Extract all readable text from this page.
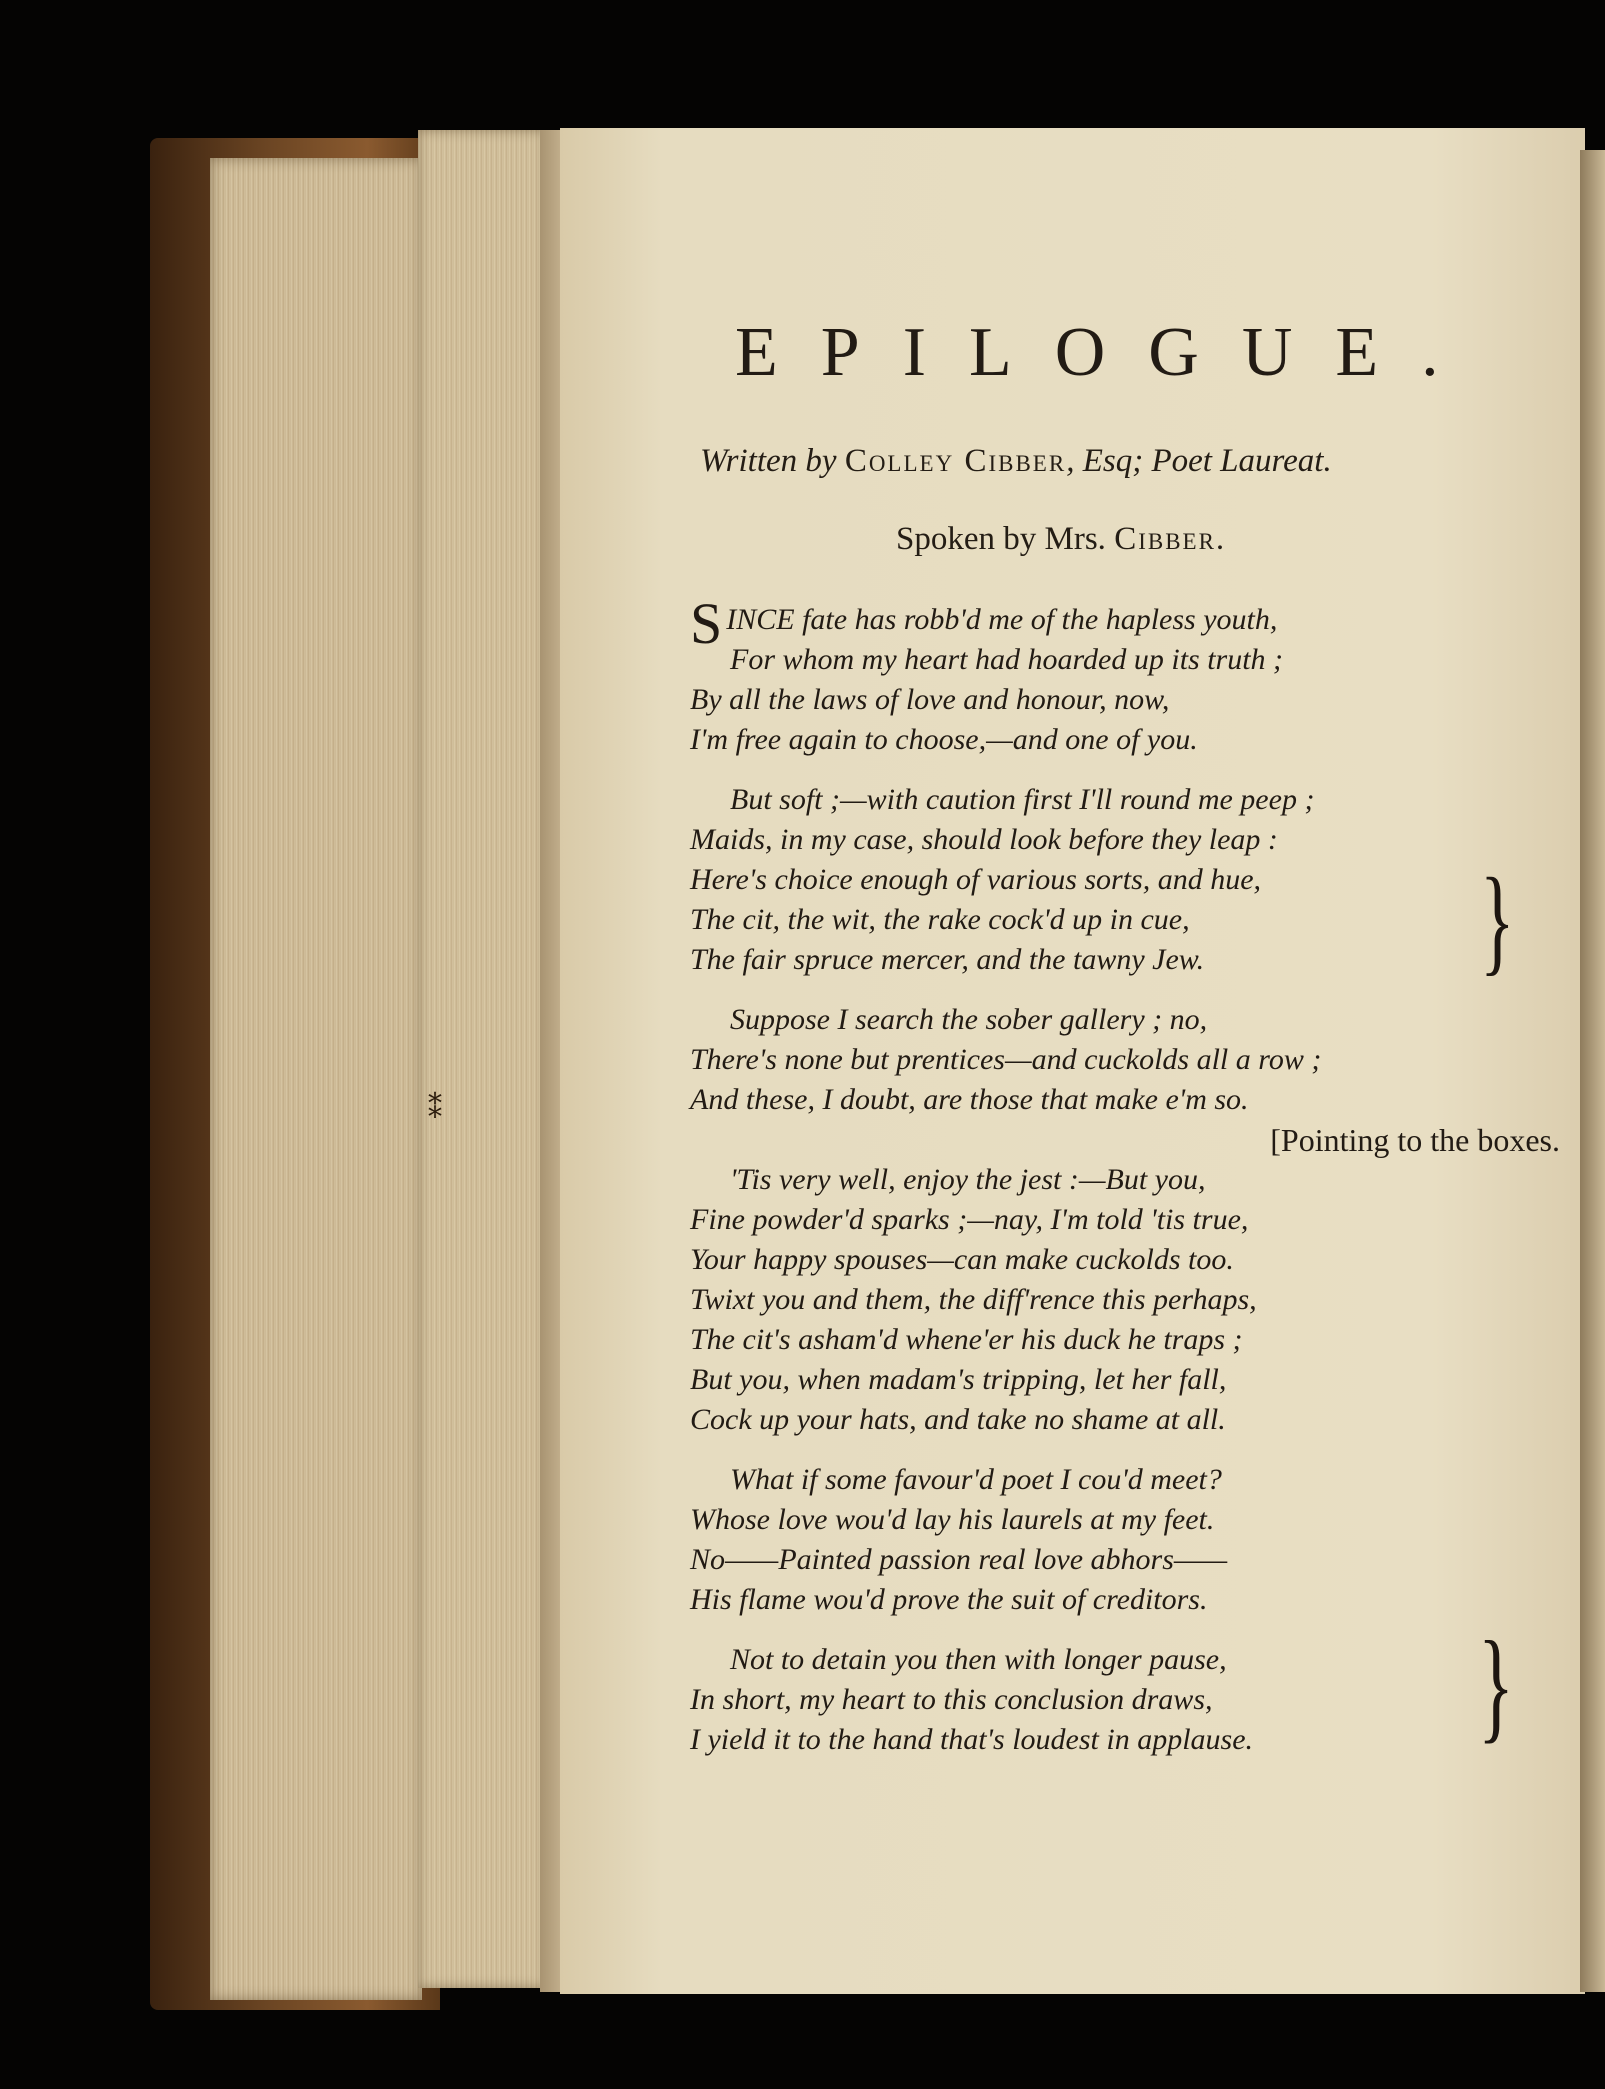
⁑
EPILOGUE.

Written by Colley Cibber, Esq; Poet Laureat.

Spoken by Mrs. Cibber.

SINCE fate has robb'd me of the hapless youth,
For whom my heart had hoarded up its truth ;
By all the laws of love and honour, now,
I'm free again to choose,—and one of you.
But soft ;—with caution first I'll round me peep ;
Maids, in my case, should look before they leap :
Here's choice enough of various sorts, and hue,
The cit, the wit, the rake cock'd up in cue,
The fair spruce mercer, and the tawny Jew.
Suppose I search the sober gallery ; no,
There's none but prentices—and cuckolds all a row ;
And these, I doubt, are those that make e'm so.
[Pointing to the boxes.
'Tis very well, enjoy the jest :—But you,
Fine powder'd sparks ;—nay, I'm told 'tis true,
Your happy spouses—can make cuckolds too.
Twixt you and them, the diff'rence this perhaps,
The cit's asham'd whene'er his duck he traps ;
But you, when madam's tripping, let her fall,
Cock up your hats, and take no shame at all.
What if some favour'd poet I cou'd meet?
Whose love wou'd lay his laurels at my feet.
No——Painted passion real love abhors——
His flame wou'd prove the suit of creditors.
Not to detain you then with longer pause,
In short, my heart to this conclusion draws,
I yield it to the hand that's loudest in applause.
}
}
